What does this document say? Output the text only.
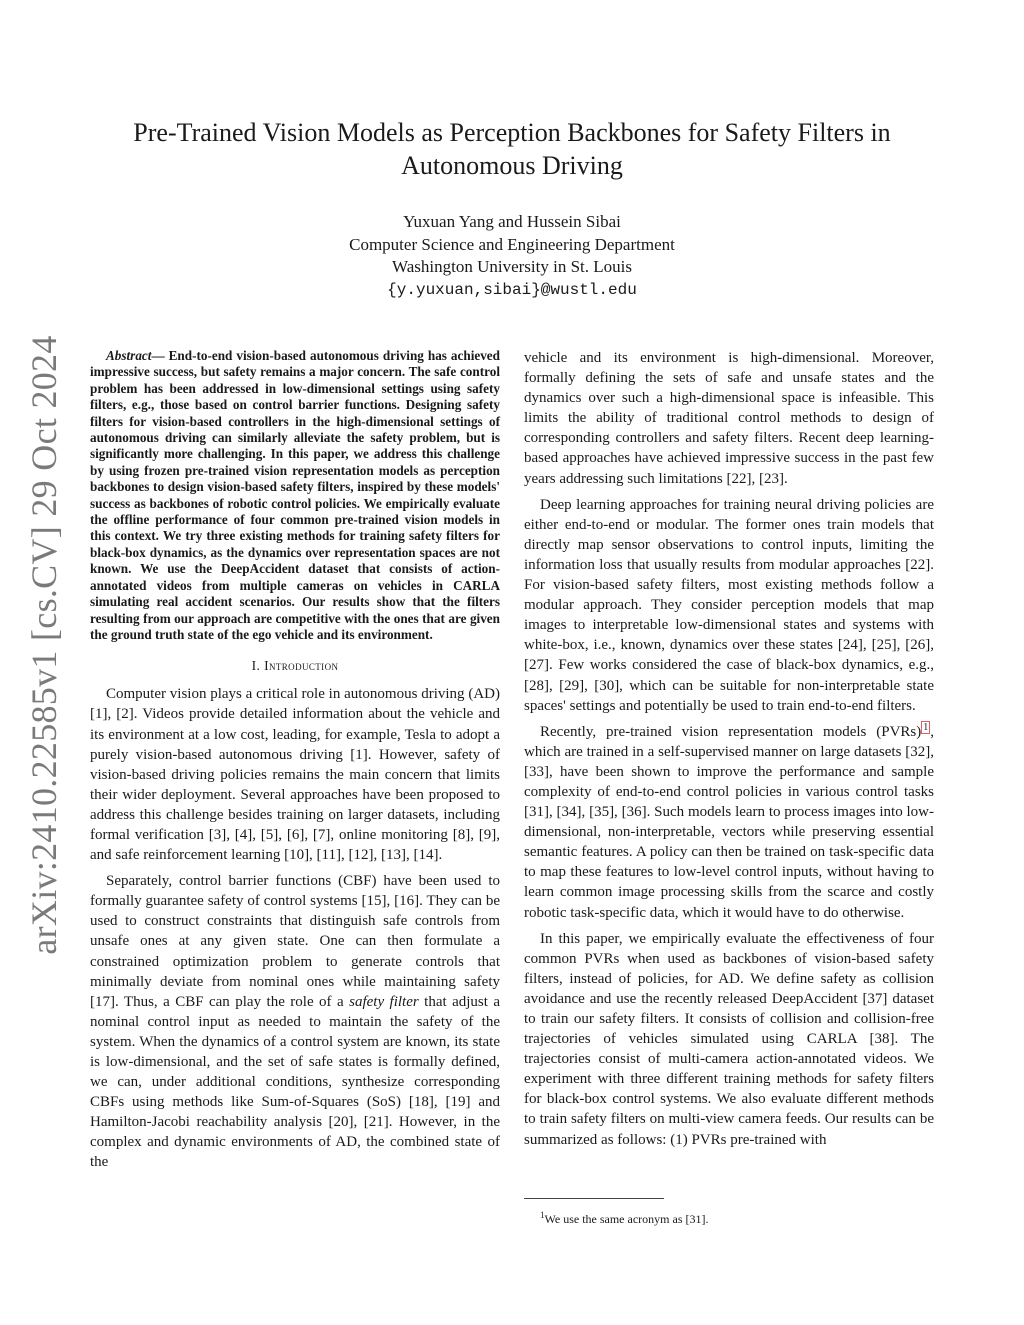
arXiv:2410.22585v1 [cs.CV] 29 Oct 2024
Pre-Trained Vision Models as Perception Backbones for Safety Filters in Autonomous Driving
Yuxuan Yang and Hussein Sibai
Computer Science and Engineering Department
Washington University in St. Louis
{y.yuxuan,sibai}@wustl.edu

Abstract— End-to-end vision-based autonomous driving has achieved impressive success, but safety remains a major concern. The safe control problem has been addressed in low-dimensional settings using safety filters, e.g., those based on control barrier functions. Designing safety filters for vision-based controllers in the high-dimensional settings of autonomous driving can similarly alleviate the safety problem, but is significantly more challenging. In this paper, we address this challenge by using frozen pre-trained vision representation models as perception backbones to design vision-based safety filters, inspired by these models' success as backbones of robotic control policies. We empirically evaluate the offline performance of four common pre-trained vision models in this context. We try three existing methods for training safety filters for black-box dynamics, as the dynamics over representation spaces are not known. We use the DeepAccident dataset that consists of action-annotated videos from multiple cameras on vehicles in CARLA simulating real accident scenarios. Our results show that the filters resulting from our approach are competitive with the ones that are given the ground truth state of the ego vehicle and its environment.

I. Introduction

Computer vision plays a critical role in autonomous driving (AD) [1], [2]. Videos provide detailed information about the vehicle and its environment at a low cost, leading, for example, Tesla to adopt a purely vision-based autonomous driving [1]. However, safety of vision-based driving policies remains the main concern that limits their wider deployment. Several approaches have been proposed to address this challenge besides training on larger datasets, including formal verification [3], [4], [5], [6], [7], online monitoring [8], [9], and safe reinforcement learning [10], [11], [12], [13], [14].

Separately, control barrier functions (CBF) have been used to formally guarantee safety of control systems [15], [16]. They can be used to construct constraints that distinguish safe controls from unsafe ones at any given state. One can then formulate a constrained optimization problem to generate controls that minimally deviate from nominal ones while maintaining safety [17]. Thus, a CBF can play the role of a safety filter that adjust a nominal control input as needed to maintain the safety of the system. When the dynamics of a control system are known, its state is low-dimensional, and the set of safe states is formally defined, we can, under additional conditions, synthesize corresponding CBFs using methods like Sum-of-Squares (SoS) [18], [19] and Hamilton-Jacobi reachability analysis [20], [21]. However, in the complex and dynamic environments of AD, the combined state of the

vehicle and its environment is high-dimensional. Moreover, formally defining the sets of safe and unsafe states and the dynamics over such a high-dimensional space is infeasible. This limits the ability of traditional control methods to design of corresponding controllers and safety filters. Recent deep learning-based approaches have achieved impressive success in the past few years addressing such limitations [22], [23].

Deep learning approaches for training neural driving policies are either end-to-end or modular. The former ones train models that directly map sensor observations to control inputs, limiting the information loss that usually results from modular approaches [22]. For vision-based safety filters, most existing methods follow a modular approach. They consider perception models that map images to interpretable low-dimensional states and systems with white-box, i.e., known, dynamics over these states [24], [25], [26], [27]. Few works considered the case of black-box dynamics, e.g., [28], [29], [30], which can be suitable for non-interpretable state spaces' settings and potentially be used to train end-to-end filters.

Recently, pre-trained vision representation models (PVRs) $^1$ , which are trained in a self-supervised manner on large datasets [32], [33], have been shown to improve the performance and sample complexity of end-to-end control policies in various control tasks [31], [34], [35], [36]. Such models learn to process images into low-dimensional, non-interpretable, vectors while preserving essential semantic features. A policy can then be trained on task-specific data to map these features to low-level control inputs, without having to learn common image processing skills from the scarce and costly robotic task-specific data, which it would have to do otherwise.

In this paper, we empirically evaluate the effectiveness of four common PVRs when used as backbones of vision-based safety filters, instead of policies, for AD. We define safety as collision avoidance and use the recently released DeepAccident [37] dataset to train our safety filters. It consists of collision and collision-free trajectories of vehicles simulated using CARLA [38]. The trajectories consist of multi-camera action-annotated videos. We experiment with three different training methods for safety filters for black-box control systems. We also evaluate different methods to train safety filters on multi-view camera feeds. Our results can be summarized as follows: (1) PVRs pre-trained with

$^1$We use the same acronym as [31].
